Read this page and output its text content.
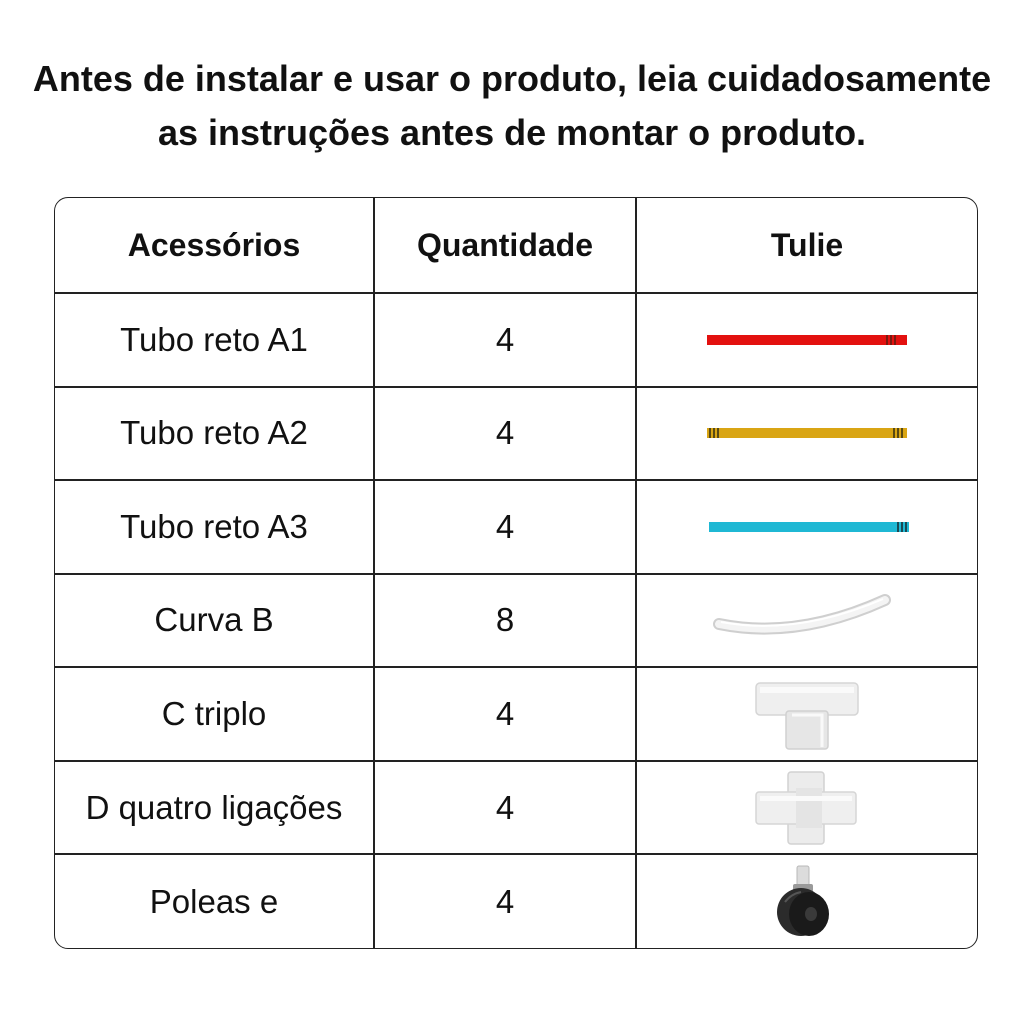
Antes de instalar e usar o produto, leia cuidadosamente
as instruções antes de montar o produto.
Acessórios	Quantidade	Tulie
Tubo reto A1	4	

Tubo reto A2	4	

Tubo reto A3	4	

Curva B	8	

C triplo	4	

D quatro ligações	4	

Poleas e	4	
